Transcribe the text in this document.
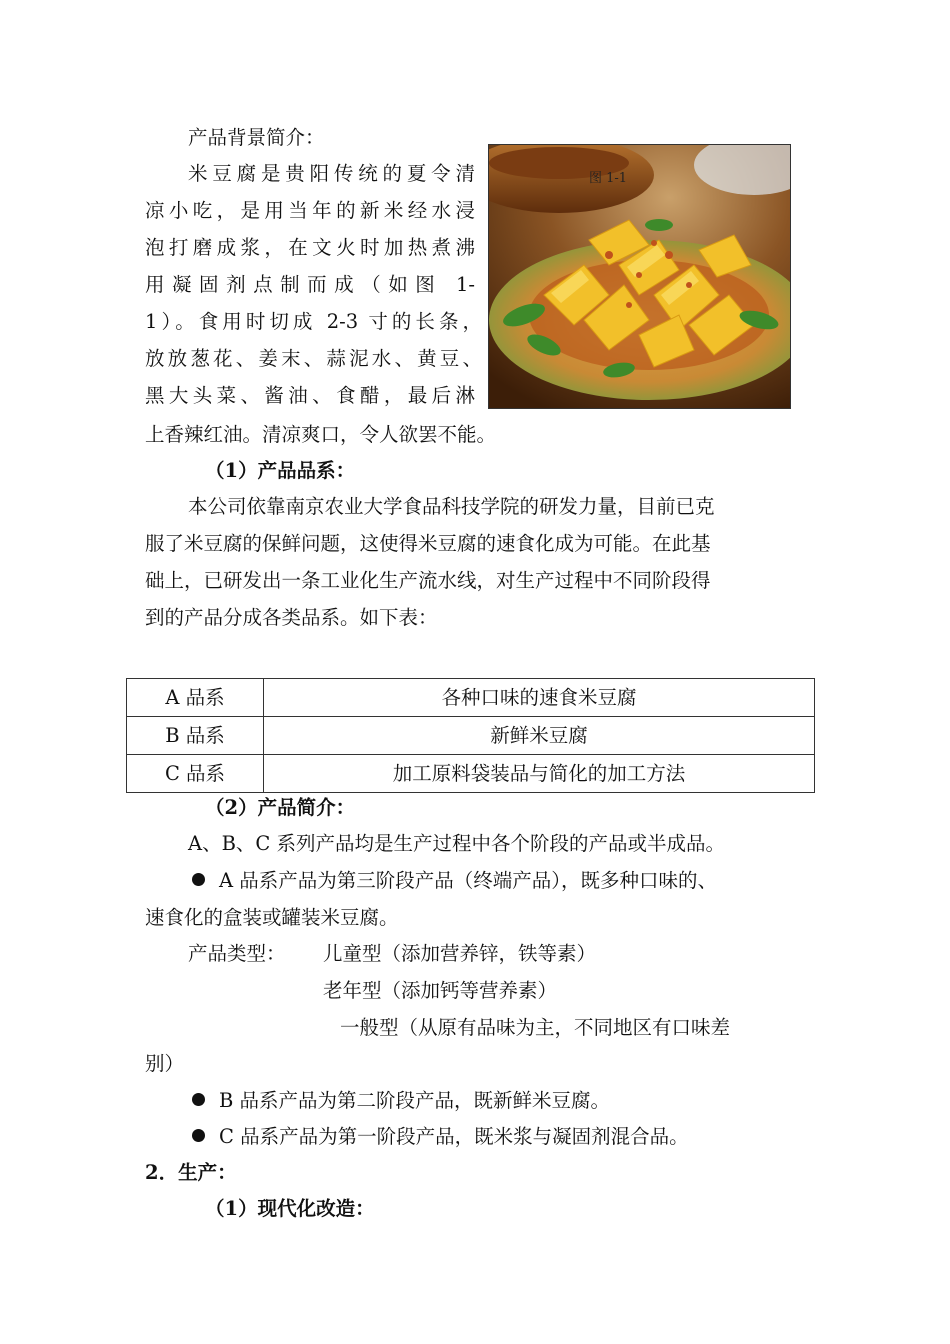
产品背景简介：
米豆腐是贵阳传统的夏令清
凉小吃，是用当年的新米经水浸
泡打磨成浆，在文火时加热煮沸
用凝固剂点制而成（如图 1-
1）。食用时切成 2-3 寸的长条，
放放葱花、姜末、蒜泥水、黄豆、
黑大头菜、酱油、食醋，最后淋
上香辣红油。清凉爽口，令人欲罢不能。
图 1-1
（1）产品品系：
本公司依靠南京农业大学食品科技学院的研发力量，目前已克
服了米豆腐的保鲜问题，这使得米豆腐的速食化成为可能。在此基
础上，已研发出一条工业化生产流水线，对生产过程中不同阶段得
到的产品分成各类品系。如下表：
A 品系	各种口味的速食米豆腐
B 品系	新鲜米豆腐
C 品系	加工原料袋装品与简化的加工方法
（2）产品简介：
A、B、C 系列产品均是生产过程中各个阶段的产品或半成品。
A 品系产品为第三阶段产品（终端产品），既多种口味的、
速食化的盒装或罐装米豆腐。
产品类型： 儿童型（添加营养锌，铁等素）
老年型（添加钙等营养素）
一般型（从原有品味为主，不同地区有口味差
别）
B 品系产品为第二阶段产品，既新鲜米豆腐。
C 品系产品为第一阶段产品，既米浆与凝固剂混合品。
2．生产：
（1）现代化改造：
